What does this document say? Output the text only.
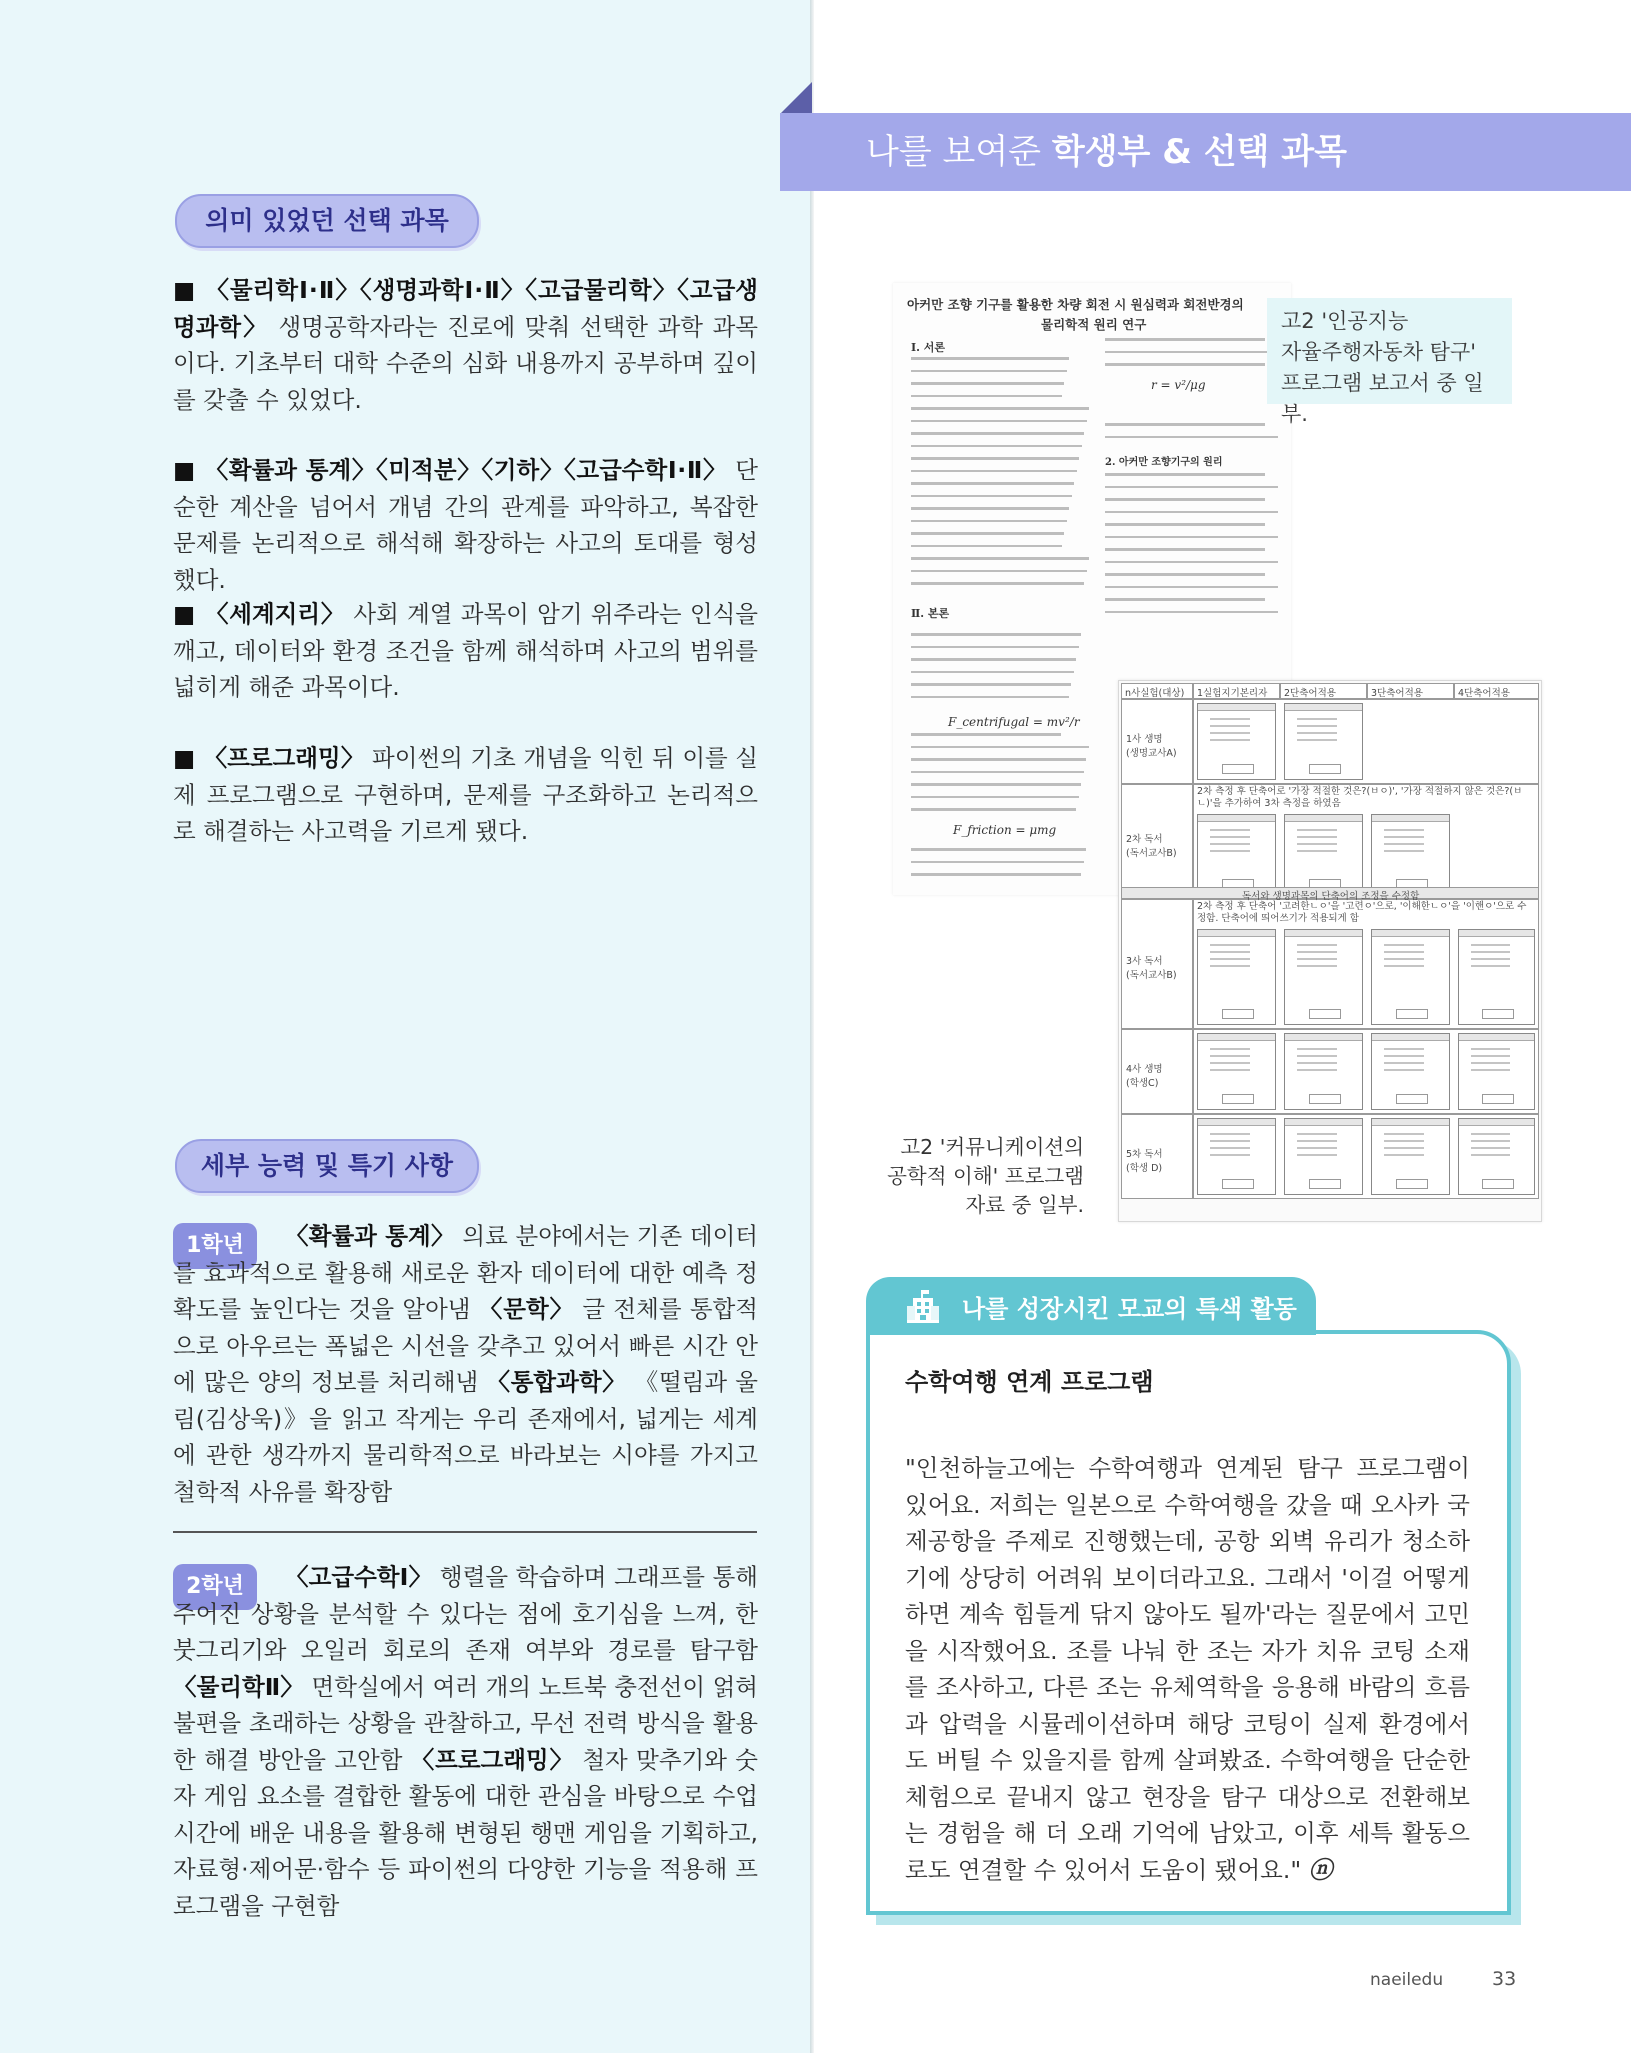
의미 있었던 선택 과목
■ 〈물리학Ⅰ·Ⅱ〉〈생명과학Ⅰ·Ⅱ〉〈고급물리학〉〈고급생명과학〉 생명공학자라는 진로에 맞춰 선택한 과학 과목이다. 기초부터 대학 수준의 심화 내용까지 공부하며 깊이를 갖출 수 있었다.
■ 〈확률과 통계〉〈미적분〉〈기하〉〈고급수학Ⅰ·Ⅱ〉 단순한 계산을 넘어서 개념 간의 관계를 파악하고, 복잡한 문제를 논리적으로 해석해 확장하는 사고의 토대를 형성했다.
■ 〈세계지리〉 사회 계열 과목이 암기 위주라는 인식을 깨고, 데이터와 환경 조건을 함께 해석하며 사고의 범위를 넓히게 해준 과목이다.
■ 〈프로그래밍〉 파이썬의 기초 개념을 익힌 뒤 이를 실제 프로그램으로 구현하며, 문제를 구조화하고 논리적으로 해결하는 사고력을 기르게 됐다.
세부 능력 및 특기 사항
1학년	〈확률과 통계〉 의료 분야에서는 기존 데이터를 효과적으로 활용해 새로운 환자 데이터에 대한 예측 정확도를 높인다는 것을 알아냄 〈문학〉 글 전체를 통합적으로 아우르는 폭넓은 시선을 갖추고 있어서 빠른 시간 안에 많은 양의 정보를 처리해냄 〈통합과학〉 《떨림과 울림(김상욱)》을 읽고 작게는 우리 존재에서, 넓게는 세계에 관한 생각까지 물리학적으로 바라보는 시야를 가지고 철학적 사유를 확장함
2학년	〈고급수학Ⅰ〉 행렬을 학습하며 그래프를 통해 주어진 상황을 분석할 수 있다는 점에 호기심을 느껴, 한붓그리기와 오일러 회로의 존재 여부와 경로를 탐구함 〈물리학Ⅱ〉 면학실에서 여러 개의 노트북 충전선이 얽혀 불편을 초래하는 상황을 관찰하고, 무선 전력 방식을 활용한 해결 방안을 고안함 〈프로그래밍〉 철자 맞추기와 숫자 게임 요소를 결합한 활동에 대한 관심을 바탕으로 수업 시간에 배운 내용을 활용해 변형된 행맨 게임을 기획하고, 자료형·제어문·함수 등 파이썬의 다양한 기능을 적용해 프로그램을 구현함
나를 보여준 학생부 & 선택 과목
아커만 조향 기구를 활용한 차량 회전 시 원심력과 회전반경의
물리학적 원리 연구
Ⅰ. 서론
r = v²/μg
2. 아커만 조향기구의 원리
Ⅱ. 본론
F_centrifugal = mv²/r
F_friction = μmg
n사실험(대상) 1실험지기본리자 2단축어적용	3단축어적용	4단축어적용
1사 생명
(생명교사A)
2차 독서
(독서교사B)
2차 측정 후 단축어로 '가장 적절한 것은?(ㅂㅇ)', '가장 적절하지 않은 것은?(ㅂㄴ)'을 추가하여 3차 측정을 하였음
3사 독서
(독서교사B)
독서와 생명과목의 단축어의 조정을 수정함
2차 측정 후 단축어 '고려한ㄴㅇ'을 '고련ㅇ'으로, '이해한ㄴㅇ'을 '이핸ㅇ'으로 수정함. 단축어에 띄어쓰기가 적용되게 함
4사 생명
(학생C)
5차 독서
(학생 D)
고2 '인공지능
자율주행자동차 탐구'
프로그램 보고서 중 일부.
고2 '커뮤니케이션의
공학적 이해' 프로그램
자료 중 일부.
나를 성장시킨 모교의 특색 활동
수학여행 연계 프로그램
"인천하늘고에는 수학여행과 연계된 탐구 프로그램이 있어요. 저희는 일본으로 수학여행을 갔을 때 오사카 국제공항을 주제로 진행했는데, 공항 외벽 유리가 청소하기에 상당히 어려워 보이더라고요. 그래서 '이걸 어떻게 하면 계속 힘들게 닦지 않아도 될까'라는 질문에서 고민을 시작했어요. 조를 나눠 한 조는 자가 치유 코팅 소재를 조사하고, 다른 조는 유체역학을 응용해 바람의 흐름과 압력을 시뮬레이션하며 해당 코팅이 실제 환경에서도 버틸 수 있을지를 함께 살펴봤죠. 수학여행을 단순한 체험으로 끝내지 않고 현장을 탐구 대상으로 전환해보는 경험을 해 더 오래 기억에 남았고, 이후 세특 활동으로도 연결할 수 있어서 도움이 됐어요." ⓝ
naeiledu	33
